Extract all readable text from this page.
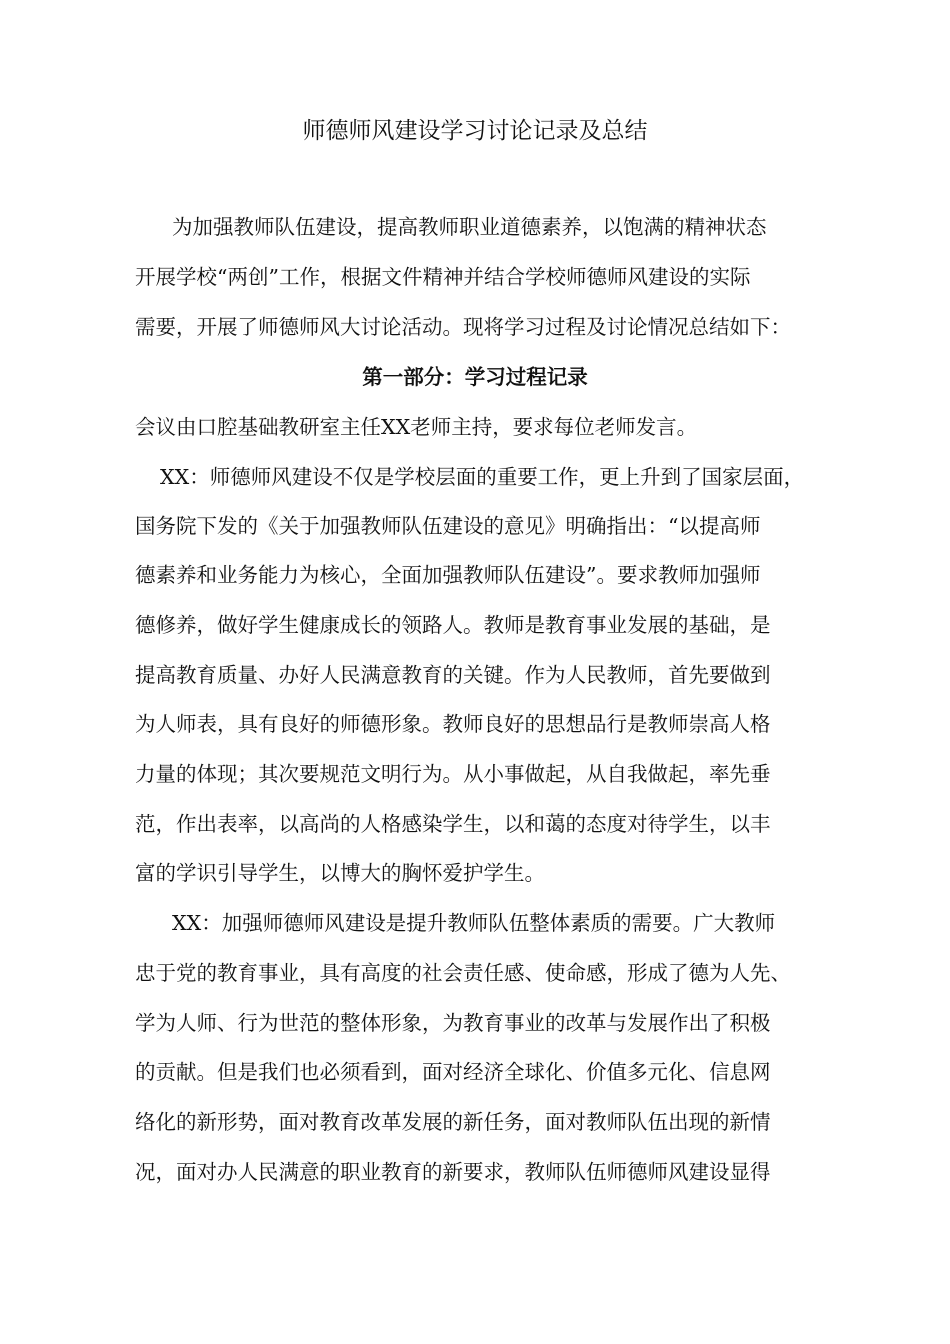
师德师风建设学习讨论记录及总结

为加强教师队伍建设，提高教师职业道德素养，以饱满的精神状态

开展学校“两创”工作，根据文件精神并结合学校师德师风建设的实际

需要，开展了师德师风大讨论活动。现将学习过程及讨论情况总结如下：

第一部分：学习过程记录

会议由口腔基础教研室主任XX老师主持，要求每位老师发言。

XX：师德师风建设不仅是学校层面的重要工作，更上升到了国家层面，

国务院下发的《关于加强教师队伍建设的意见》明确指出：“以提高师

德素养和业务能力为核心，全面加强教师队伍建设”。要求教师加强师

德修养，做好学生健康成长的领路人。教师是教育事业发展的基础，是

提高教育质量、办好人民满意教育的关键。作为人民教师，首先要做到

为人师表，具有良好的师德形象。教师良好的思想品行是教师崇高人格

力量的体现；其次要规范文明行为。从小事做起，从自我做起，率先垂

范，作出表率，以高尚的人格感染学生，以和蔼的态度对待学生，以丰

富的学识引导学生，以博大的胸怀爱护学生。

XX：加强师德师风建设是提升教师队伍整体素质的需要。广大教师

忠于党的教育事业，具有高度的社会责任感、使命感，形成了德为人先、

学为人师、行为世范的整体形象，为教育事业的改革与发展作出了积极

的贡献。但是我们也必须看到，面对经济全球化、价值多元化、信息网

络化的新形势，面对教育改革发展的新任务，面对教师队伍出现的新情

况，面对办人民满意的职业教育的新要求，教师队伍师德师风建设显得
